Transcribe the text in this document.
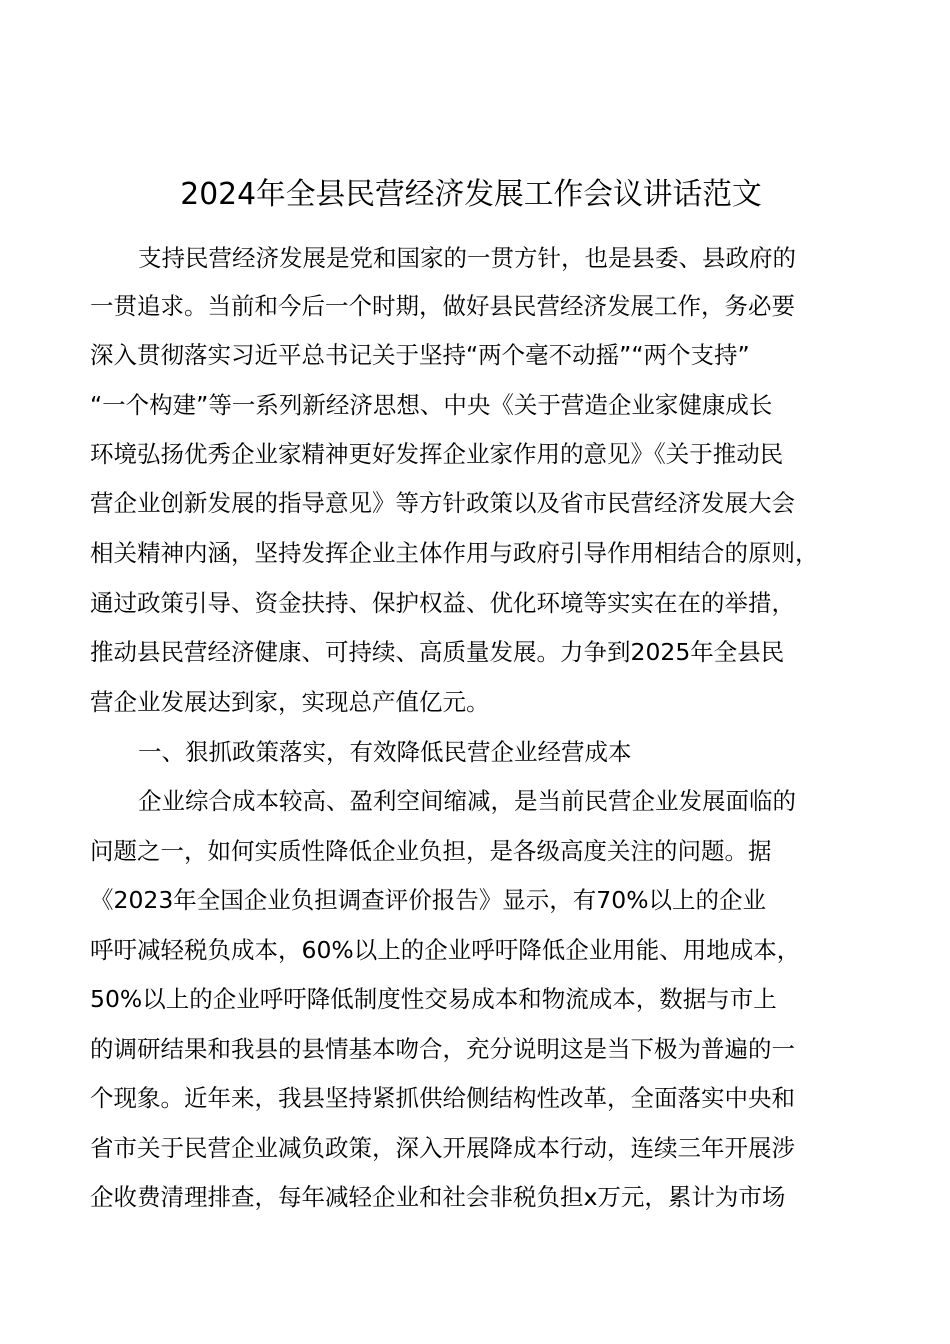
2024年全县民营经济发展工作会议讲话范文
支持民营经济发展是党和国家的一贯方针，也是县委、县政府的
一贯追求。当前和今后一个时期，做好县民营经济发展工作，务必要
深入贯彻落实习近平总书记关于坚持“两个毫不动摇”“两个支持”
“一个构建”等一系列新经济思想、中央《关于营造企业家健康成长
环境弘扬优秀企业家精神更好发挥企业家作用的意见》《关于推动民
营企业创新发展的指导意见》等方针政策以及省市民营经济发展大会
相关精神内涵，坚持发挥企业主体作用与政府引导作用相结合的原则，
通过政策引导、资金扶持、保护权益、优化环境等实实在在的举措，
推动县民营经济健康、可持续、高质量发展。力争到2025年全县民
营企业发展达到家，实现总产值亿元。
一、狠抓政策落实，有效降低民营企业经营成本
企业综合成本较高、盈利空间缩减，是当前民营企业发展面临的
问题之一，如何实质性降低企业负担，是各级高度关注的问题。据
《2023年全国企业负担调查评价报告》显示，有70%以上的企业
呼吁减轻税负成本，60%以上的企业呼吁降低企业用能、用地成本，
50%以上的企业呼吁降低制度性交易成本和物流成本，数据与市上
的调研结果和我县的县情基本吻合，充分说明这是当下极为普遍的一
个现象。近年来，我县坚持紧抓供给侧结构性改革，全面落实中央和
省市关于民营企业减负政策，深入开展降成本行动，连续三年开展涉
企收费清理排查，每年减轻企业和社会非税负担x万元，累计为市场
